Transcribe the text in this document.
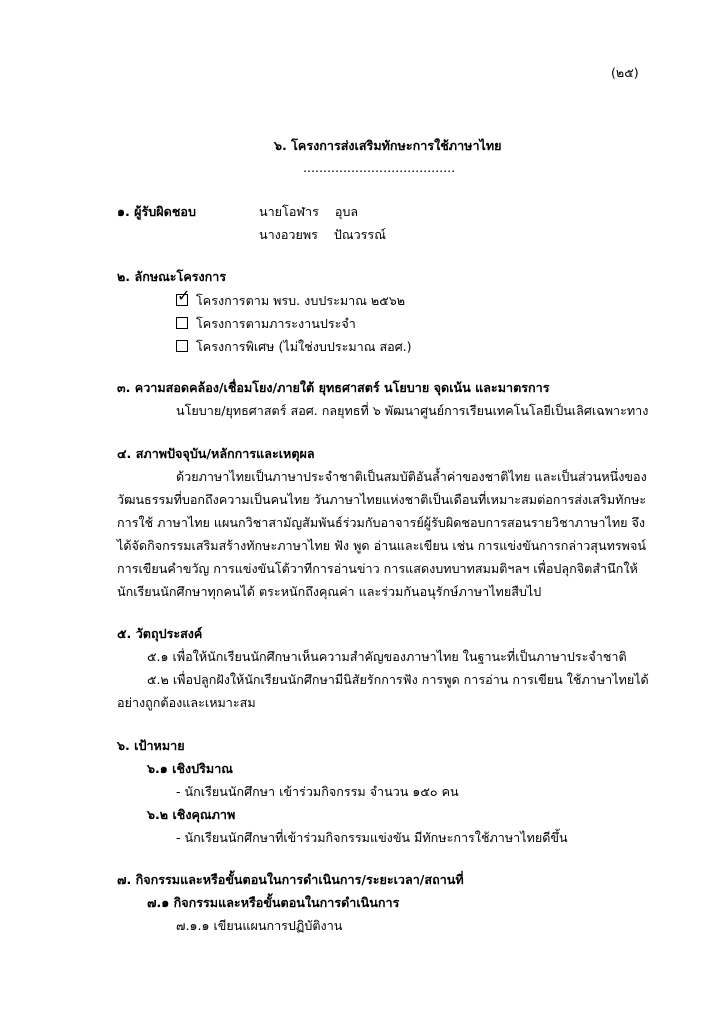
(๒๕)
๖. โครงการส่งเสริมทักษะการใช้ภาษาไทย
......................................
๑. ผู้รับผิดชอบ	นายโอฬาร    อุบล
นางอวยพร    ปัณวรรณ์
๒. ลักษณะโครงการ
✓ โครงการตาม พรบ. งบประมาณ ๒๕๖๒
โครงการตามภาระงานประจำ
โครงการพิเศษ (ไม่ใช่งบประมาณ สอศ.)
๓. ความสอดคล้อง/เชื่อมโยง/ภายใต้ ยุทธศาสตร์ นโยบาย จุดเน้น และมาตรการ
นโยบาย/ยุทธศาสตร์ สอศ. กลยุทธที่ ๖ พัฒนาศูนย์การเรียนเทคโนโลยีเป็นเลิศเฉพาะทาง
๔. สภาพปัจจุบัน/หลักการและเหตุผล
ด้วยภาษาไทยเป็นภาษาประจำชาติเป็นสมบัติอันล้ำค่าของชาติไทย และเป็นส่วนหนึ่งของ
วัฒนธรรมที่บอกถึงความเป็นคนไทย วันภาษาไทยแห่งชาติเป็นเดือนที่เหมาะสมต่อการส่งเสริมทักษะ
การใช้ ภาษาไทย แผนกวิชาสามัญสัมพันธ์ร่วมกับอาจารย์ผู้รับผิดชอบการสอนรายวิชาภาษาไทย จึง
ได้จัดกิจกรรมเสริมสร้างทักษะภาษาไทย ฟัง พูด อ่านและเขียน เช่น การแข่งขันการกล่าวสุนทรพจน์
การเขียนคำขวัญ การแข่งขันโต้วาทีการอ่านข่าว การแสดงบทบาทสมมติฯลฯ เพื่อปลุกจิตสำนึกให้
นักเรียนนักศึกษาทุกคนได้ ตระหนักถึงคุณค่า และร่วมกันอนุรักษ์ภาษาไทยสืบไป
๕. วัตถุประสงค์
๕.๑ เพื่อให้นักเรียนนักศึกษาเห็นความสำคัญของภาษาไทย ในฐานะที่เป็นภาษาประจำชาติ
๕.๒ เพื่อปลูกฝังให้นักเรียนนักศึกษามีนิสัยรักการฟัง การพูด การอ่าน การเขียน ใช้ภาษาไทยได้
อย่างถูกต้องและเหมาะสม
๖. เป้าหมาย
๖.๑ เชิงปริมาณ
- นักเรียนนักศึกษา เข้าร่วมกิจกรรม จำนวน ๑๕๐ คน
๖.๒ เชิงคุณภาพ
- นักเรียนนักศึกษาที่เข้าร่วมกิจกรรมแข่งขัน มีทักษะการใช้ภาษาไทยดีขึ้น
๗. กิจกรรมและหรือขั้นตอนในการดำเนินการ/ระยะเวลา/สถานที่
๗.๑ กิจกรรมและหรือขั้นตอนในการดำเนินการ
๗.๑.๑ เขียนแผนการปฏิบัติงาน
